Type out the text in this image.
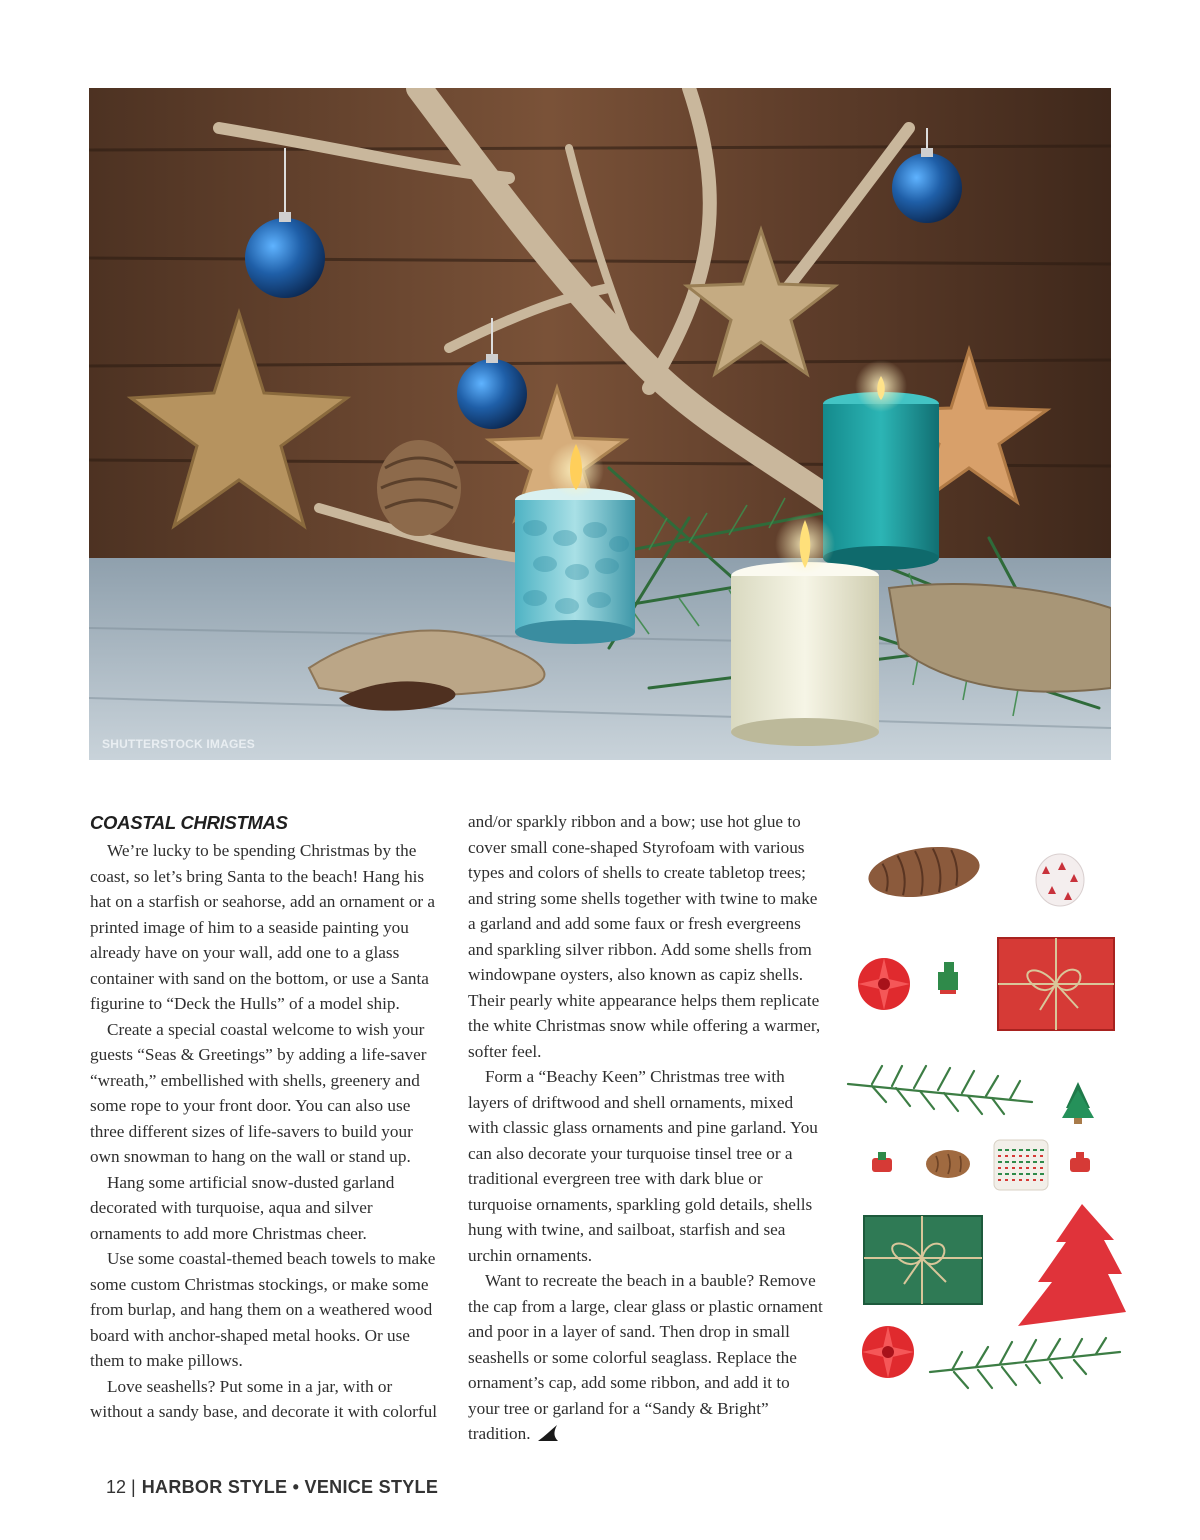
SHUTTERSTOCK IMAGES
COASTAL CHRISTMAS

We’re lucky to be spending Christmas by the coast, so let’s bring Santa to the beach! Hang his hat on a starfish or seahorse, add an ornament or a printed image of him to a seaside painting you already have on your wall, add one to a glass container with sand on the bottom, or use a Santa figurine to “Deck the Hulls” of a model ship.

Create a special coastal welcome to wish your guests “Seas & Greetings” by adding a life-saver “wreath,” embellished with shells, greenery and some rope to your front door. You can also use three different sizes of life-savers to build your own snowman to hang on the wall or stand up.

Hang some artificial snow-dusted garland decorated with turquoise, aqua and silver ornaments to add more Christmas cheer.

Use some coastal-themed beach towels to make some custom Christmas stockings, or make some from burlap, and hang them on a weathered wood board with anchor-shaped metal hooks. Or use them to make pillows.

Love seashells? Put some in a jar, with or without a sandy base, and decorate it with colorful

and/or sparkly ribbon and a bow; use hot glue to cover small cone-shaped Styrofoam with various types and colors of shells to create tabletop trees; and string some shells together with twine to make a garland and add some faux or fresh evergreens and sparkling silver ribbon. Add some shells from windowpane oysters, also known as capiz shells. Their pearly white appearance helps them replicate the white Christmas snow while offering a warmer, softer feel.

Form a “Beachy Keen” Christmas tree with layers of driftwood and shell ornaments, mixed with classic glass ornaments and pine garland. You can also decorate your turquoise tinsel tree or a traditional evergreen tree with dark blue or turquoise ornaments, sparkling gold details, shells hung with twine, and sailboat, starfish and sea urchin ornaments.

Want to recreate the beach in a bauble? Remove the cap from a large, clear glass or plastic ornament and poor in a layer of sand. Then drop in small seashells or some colorful seaglass. Replace the ornament’s cap, add some ribbon, and add it to your tree or garland for a “Sandy & Bright” tradition.

12 | HARBOR STYLE • VENICE STYLE
